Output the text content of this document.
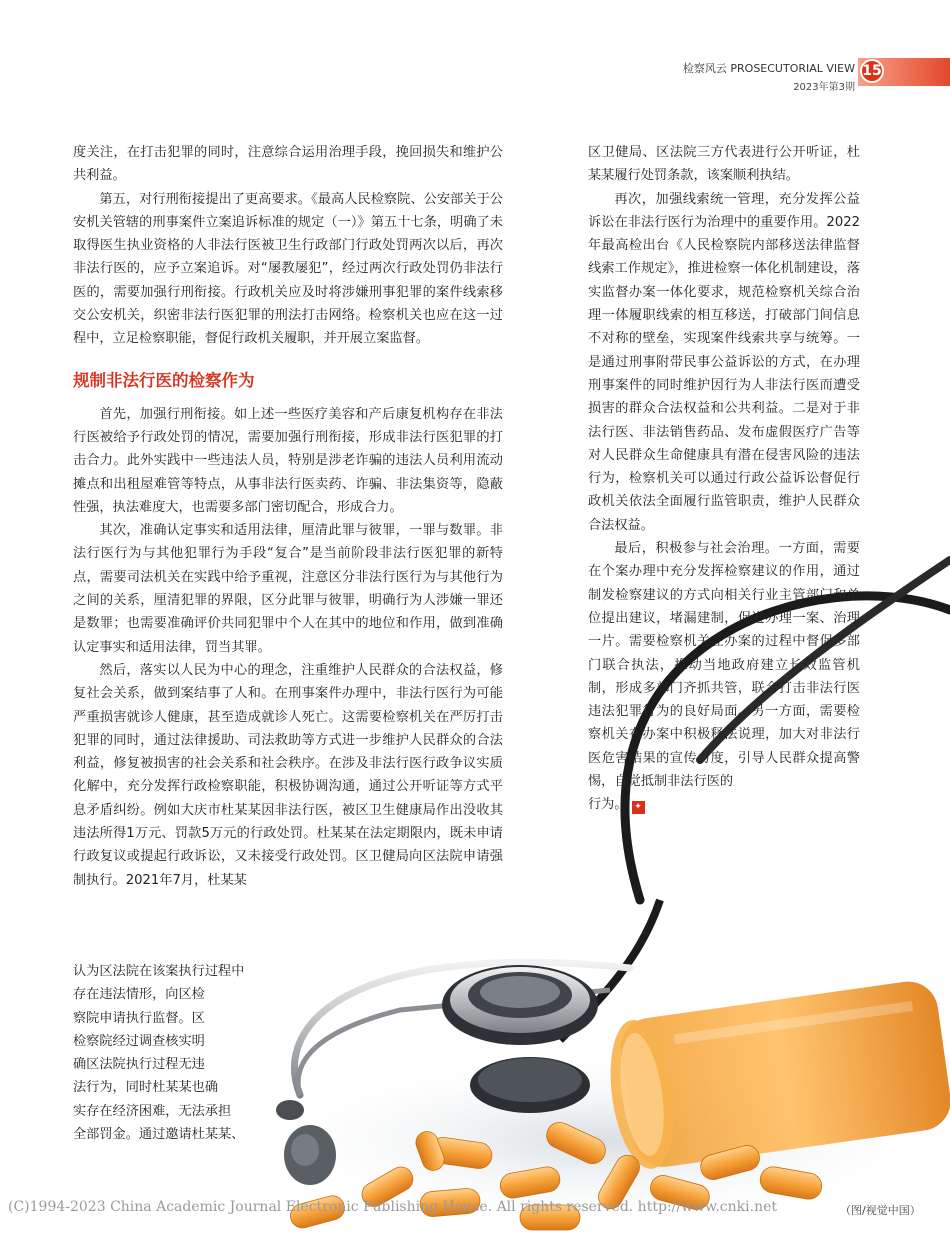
检察风云 PROSECUTORIAL VIEW
2023年第3期
15

度关注，在打击犯罪的同时，注意综合运用治理手段，挽回损失和维护公共利益。

第五，对行刑衔接提出了更高要求。《最高人民检察院、公安部关于公安机关管辖的刑事案件立案追诉标准的规定（一）》第五十七条，明确了未取得医生执业资格的人非法行医被卫生行政部门行政处罚两次以后，再次非法行医的，应予立案追诉。对“屡教屡犯”，经过两次行政处罚仍非法行医的，需要加强行刑衔接。行政机关应及时将涉嫌刑事犯罪的案件线索移交公安机关，织密非法行医犯罪的刑法打击网络。检察机关也应在这一过程中，立足检察职能，督促行政机关履职，并开展立案监督。

规制非法行医的检察作为

首先，加强行刑衔接。如上述一些医疗美容和产后康复机构存在非法行医被给予行政处罚的情况，需要加强行刑衔接，形成非法行医犯罪的打击合力。此外实践中一些违法人员，特别是涉老诈骗的违法人员利用流动摊点和出租屋难管等特点，从事非法行医卖药、诈骗、非法集资等，隐蔽性强，执法难度大，也需要多部门密切配合，形成合力。

其次，准确认定事实和适用法律，厘清此罪与彼罪，一罪与数罪。非法行医行为与其他犯罪行为手段“复合”是当前阶段非法行医犯罪的新特点，需要司法机关在实践中给予重视，注意区分非法行医行为与其他行为之间的关系，厘清犯罪的界限，区分此罪与彼罪，明确行为人涉嫌一罪还是数罪；也需要准确评价共同犯罪中个人在其中的地位和作用，做到准确认定事实和适用法律，罚当其罪。

然后，落实以人民为中心的理念，注重维护人民群众的合法权益，修复社会关系，做到案结事了人和。在刑事案件办理中，非法行医行为可能严重损害就诊人健康，甚至造成就诊人死亡。这需要检察机关在严厉打击犯罪的同时，通过法律援助、司法救助等方式进一步维护人民群众的合法利益，修复被损害的社会关系和社会秩序。在涉及非法行医行政争议实质化解中，充分发挥行政检察职能，积极协调沟通，通过公开听证等方式平息矛盾纠纷。例如大庆市杜某某因非法行医，被区卫生健康局作出没收其违法所得1万元、罚款5万元的行政处罚。杜某某在法定期限内，既未申请行政复议或提起行政诉讼，又未接受行政处罚。区卫健局向区法院申请强制执行。2021年7月，杜某某

认为区法院在该案执行过程中

存在违法情形，向区检

察院申请执行监督。区

检察院经过调查核实明

确区法院执行过程无违

法行为，同时杜某某也确

实存在经济困难，无法承担

全部罚金。通过邀请杜某某、

区卫健局、区法院三方代表进行公开听证，杜某某履行处罚条款，该案顺利执结。

再次，加强线索统一管理，充分发挥公益诉讼在非法行医行为治理中的重要作用。2022年最高检出台《人民检察院内部移送法律监督线索工作规定》，推进检察一体化机制建设，落实监督办案一体化要求，规范检察机关综合治理一体履职线索的相互移送，打破部门间信息不对称的壁垒，实现案件线索共享与统筹。一是通过刑事附带民事公益诉讼的方式，在办理刑事案件的同时维护因行为人非法行医而遭受损害的群众合法权益和公共利益。二是对于非法行医、非法销售药品、发布虚假医疗广告等对人民群众生命健康具有潜在侵害风险的违法行为，检察机关可以通过行政公益诉讼督促行政机关依法全面履行监管职责，维护人民群众合法权益。

最后，积极参与社会治理。一方面，需要在个案办理中充分发挥检察建议的作用，通过制发检察建议的方式向相关行业主管部门和单位提出建议，堵漏建制，促进办理一案、治理一片。需要检察机关在办案的过程中督促多部门联合执法，推动当地政府建立长效监管机制，形成多部门齐抓共管，联合打击非法行医违法犯罪行为的良好局面。另一方面，需要检察机关在办案中积极释法说理，加大对非法行医危害结果的宣传力度，引导人民群众提高警惕，自觉抵制非法行医的

行为。 ✦

(C)1994-2023 China Academic Journal Electronic Publishing House. All rights reserved. http://www.cnki.net	（图/视觉中国）
